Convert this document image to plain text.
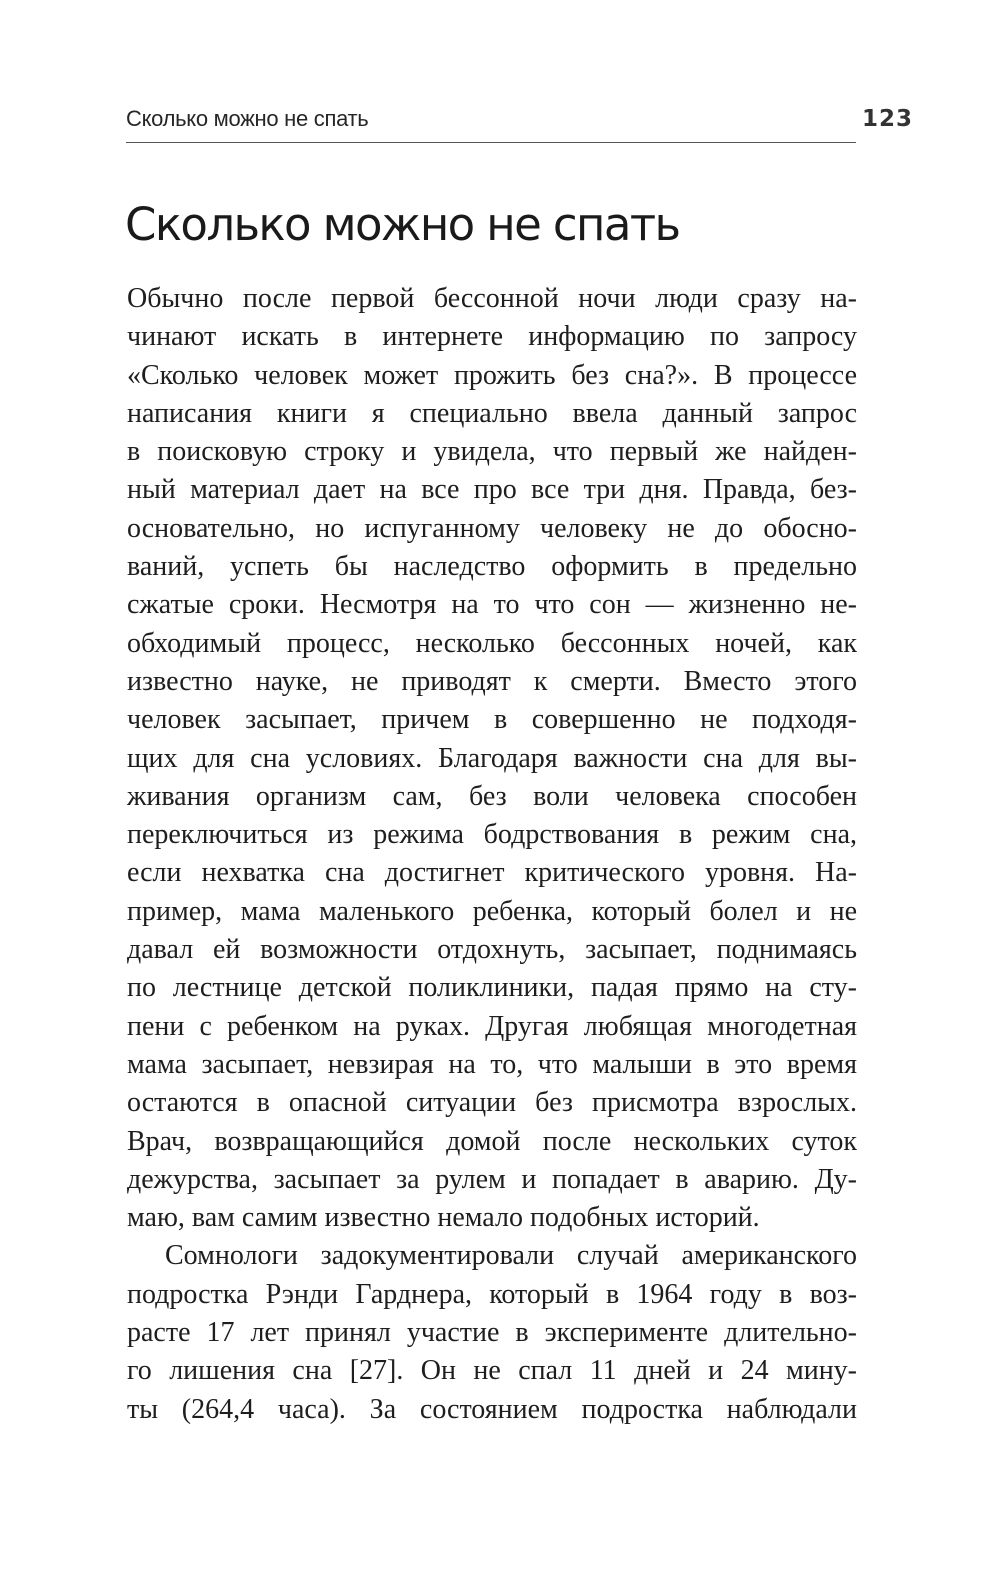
Сколько можно не спать	123
Сколько можно не спать
Обычно после первой бессонной ночи люди сразу на-
чинают искать в интернете информацию по запросу
«Сколько человек может прожить без сна?». В процессе
написания книги я специально ввела данный запрос
в поисковую строку и увидела, что первый же найден-
ный материал дает на все про все три дня. Правда, без-
основательно, но испуганному человеку не до обосно-
ваний, успеть бы наследство оформить в предельно
сжатые сроки. Несмотря на то что сон — жизненно не-
обходимый процесс, несколько бессонных ночей, как
известно науке, не приводят к смерти. Вместо этого
человек засыпает, причем в совершенно не подходя-
щих для сна условиях. Благодаря важности сна для вы-
живания организм сам, без воли человека способен
переключиться из режима бодрствования в режим сна,
если нехватка сна достигнет критического уровня. На-
пример, мама маленького ребенка, который болел и не
давал ей возможности отдохнуть, засыпает, поднимаясь
по лестнице детской поликлиники, падая прямо на сту-
пени с ребенком на руках. Другая любящая многодетная
мама засыпает, невзирая на то, что малыши в это время
остаются в опасной ситуации без присмотра взрослых.
Врач, возвращающийся домой после нескольких суток
дежурства, засыпает за рулем и попадает в аварию. Ду-
маю, вам самим известно немало подобных историй.
Сомнологи задокументировали случай американского
подростка Рэнди Гарднера, который в 1964 году в воз-
расте 17 лет принял участие в эксперименте длительно-
го лишения сна [27]. Он не спал 11 дней и 24 мину-
ты (264,4 часа). За состоянием подростка наблюдали
